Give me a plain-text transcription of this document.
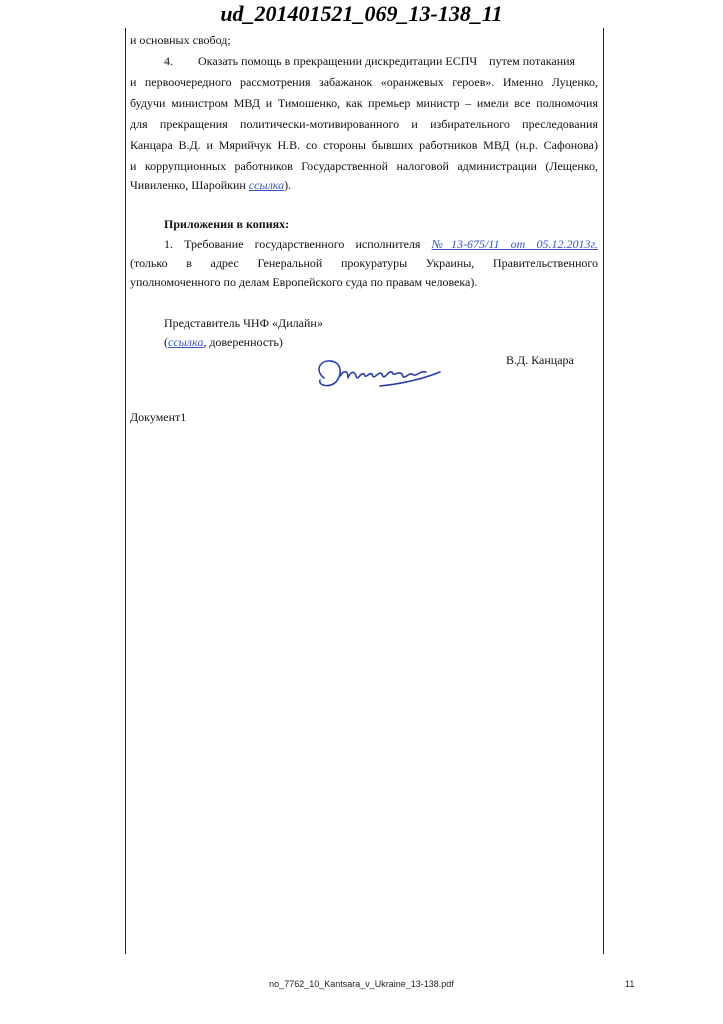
ud_201401521_069_13-138_11
и основных свобод;
4. Оказать помощь в прекращении дискредитации ЕСПЧ    путем потакания
и первоочередного рассмотрения забажанок «оранжевых героев». Именно Луценко,
будучи министром МВД и Тимошенко, как премьер министр – имели все полномочия
для прекращения политически-мотивированного и избирательного преследования
Канцара В.Д. и Мярийчук Н.В. со стороны бывших работников МВД (н.р. Сафонова)
и коррупционных работников Государственной налоговой администрации (Лещенко,
Чивиленко, Шаройкин ссылка).
Приложения в копиях:
1. Требование государственного исполнителя №13-675/11 от 05.12.2013г.
(только в адрес Генеральной прокуратуры Украины, Правительственного
уполномоченного по делам Европейского суда по правам человека).
Представитель ЧНФ «Дилайн»
(ссылка, доверенность)
В.Д. Канцара
Документ1
no_7762_10_Kantsara_v_Ukraine_13-138.pdf	11
